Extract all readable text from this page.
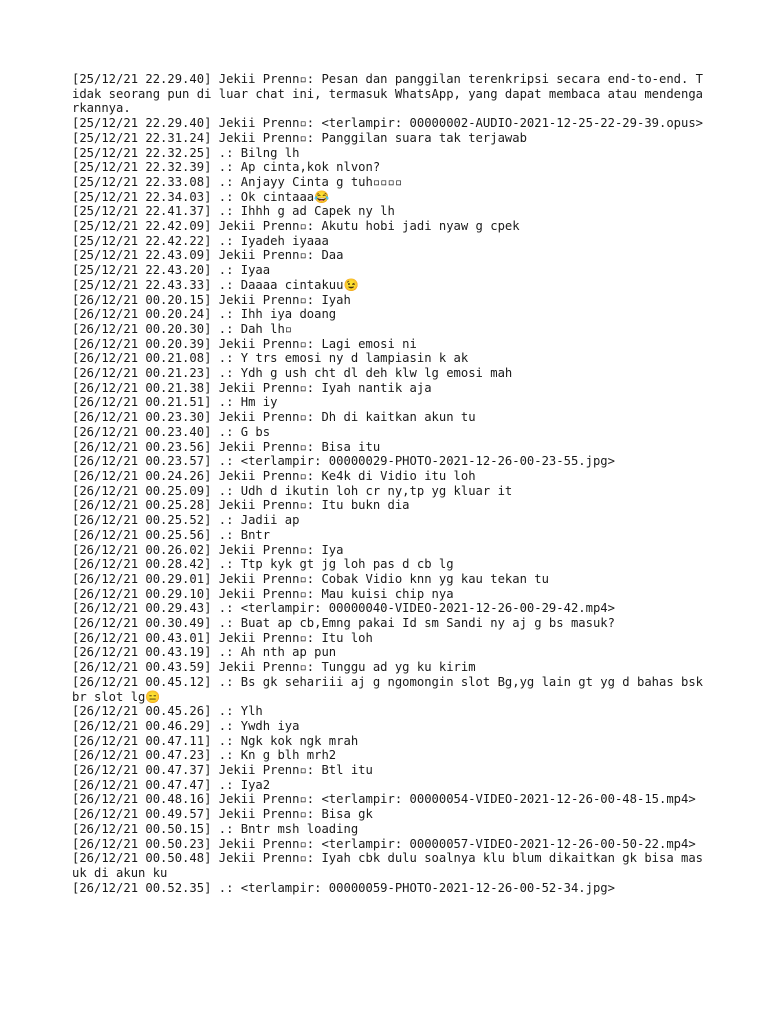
[25/12/21 22.29.40] Jekii Prenn▫: Pesan dan panggilan terenkripsi secara end-to-end. Tidak seorang pun di luar chat ini, termasuk WhatsApp, yang dapat membaca atau mendengarkannya.
[25/12/21 22.29.40] Jekii Prenn▫: <terlampir: 00000002-AUDIO-2021-12-25-22-29-39.opus>
[25/12/21 22.31.24] Jekii Prenn▫: Panggilan suara tak terjawab
[25/12/21 22.32.25] .: Bilng lh
[25/12/21 22.32.39] .: Ap cinta,kok nlvon?
[25/12/21 22.33.08] .: Anjayy Cinta g tuh▫▫▫▫
[25/12/21 22.34.03] .: Ok cintaaa😂
[25/12/21 22.41.37] .: Ihhh g ad Capek ny lh
[25/12/21 22.42.09] Jekii Prenn▫: Akutu hobi jadi nyaw g cpek
[25/12/21 22.42.22] .: Iyadeh iyaaa
[25/12/21 22.43.09] Jekii Prenn▫: Daa
[25/12/21 22.43.20] .: Iyaa
[25/12/21 22.43.33] .: Daaaa cintakuu😉
[26/12/21 00.20.15] Jekii Prenn▫: Iyah
[26/12/21 00.20.24] .: Ihh iya doang
[26/12/21 00.20.30] .: Dah lh▫
[26/12/21 00.20.39] Jekii Prenn▫: Lagi emosi ni
[26/12/21 00.21.08] .: Y trs emosi ny d lampiasin k ak
[26/12/21 00.21.23] .: Ydh g ush cht dl deh klw lg emosi mah
[26/12/21 00.21.38] Jekii Prenn▫: Iyah nantik aja
[26/12/21 00.21.51] .: Hm iy
[26/12/21 00.23.30] Jekii Prenn▫: Dh di kaitkan akun tu
[26/12/21 00.23.40] .: G bs
[26/12/21 00.23.56] Jekii Prenn▫: Bisa itu
[26/12/21 00.23.57] .: <terlampir: 00000029-PHOTO-2021-12-26-00-23-55.jpg>
[26/12/21 00.24.26] Jekii Prenn▫: Ke4k di Vidio itu loh
[26/12/21 00.25.09] .: Udh d ikutin loh cr ny,tp yg kluar it
[26/12/21 00.25.28] Jekii Prenn▫: Itu bukn dia
[26/12/21 00.25.52] .: Jadii ap
[26/12/21 00.25.56] .: Bntr
[26/12/21 00.26.02] Jekii Prenn▫: Iya
[26/12/21 00.28.42] .: Ttp kyk gt jg loh pas d cb lg
[26/12/21 00.29.01] Jekii Prenn▫: Cobak Vidio knn yg kau tekan tu
[26/12/21 00.29.10] Jekii Prenn▫: Mau kuisi chip nya
[26/12/21 00.29.43] .: <terlampir: 00000040-VIDEO-2021-12-26-00-29-42.mp4>
[26/12/21 00.30.49] .: Buat ap cb,Emng pakai Id sm Sandi ny aj g bs masuk?
[26/12/21 00.43.01] Jekii Prenn▫: Itu loh
[26/12/21 00.43.19] .: Ah nth ap pun
[26/12/21 00.43.59] Jekii Prenn▫: Tunggu ad yg ku kirim
[26/12/21 00.45.12] .: Bs gk sehariii aj g ngomongin slot Bg,yg lain gt yg d bahas bsk br slot lg😑
[26/12/21 00.45.26] .: Ylh
[26/12/21 00.46.29] .: Ywdh iya
[26/12/21 00.47.11] .: Ngk kok ngk mrah
[26/12/21 00.47.23] .: Kn g blh mrh2
[26/12/21 00.47.37] Jekii Prenn▫: Btl itu
[26/12/21 00.47.47] .: Iya2
[26/12/21 00.48.16] Jekii Prenn▫: <terlampir: 00000054-VIDEO-2021-12-26-00-48-15.mp4>
[26/12/21 00.49.57] Jekii Prenn▫: Bisa gk
[26/12/21 00.50.15] .: Bntr msh loading
[26/12/21 00.50.23] Jekii Prenn▫: <terlampir: 00000057-VIDEO-2021-12-26-00-50-22.mp4>
[26/12/21 00.50.48] Jekii Prenn▫: Iyah cbk dulu soalnya klu blum dikaitkan gk bisa masuk di akun ku
[26/12/21 00.52.35] .: <terlampir: 00000059-PHOTO-2021-12-26-00-52-34.jpg>
